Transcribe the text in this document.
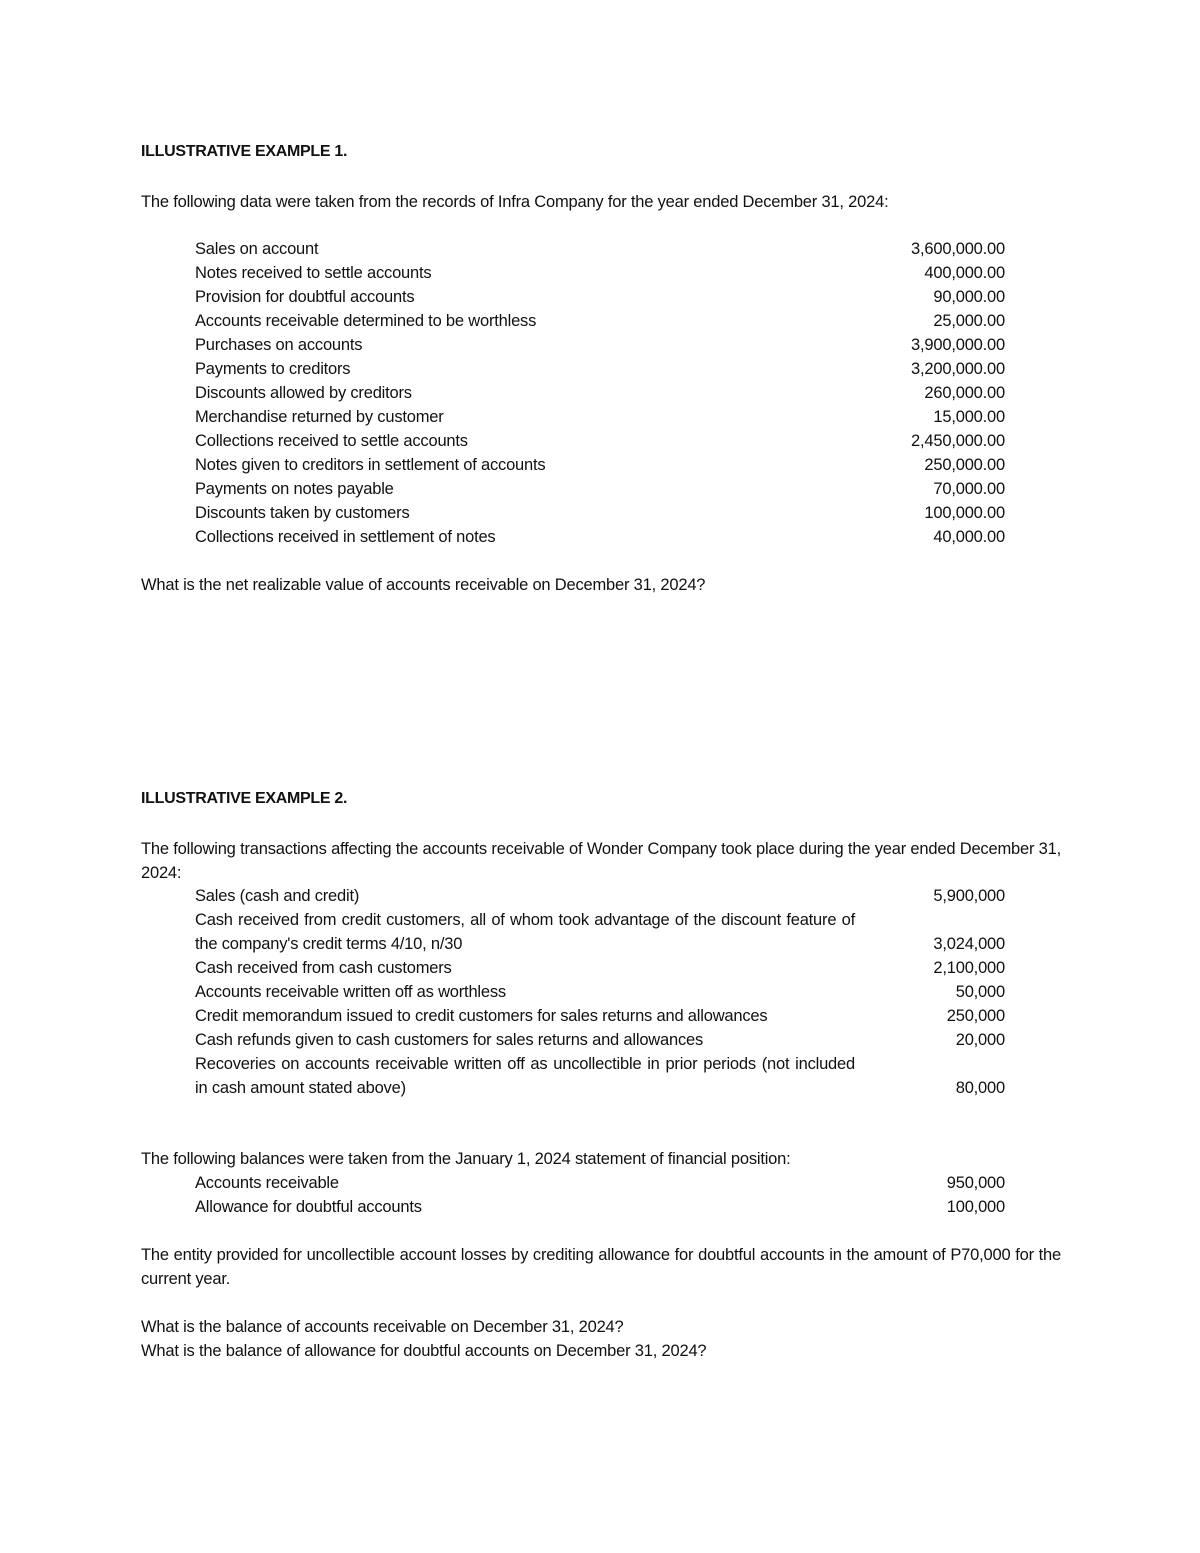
ILLUSTRATIVE EXAMPLE 1.
The following data were taken from the records of Infra Company for the year ended December 31, 2024:
Sales on account	3,600,000.00
Notes received to settle accounts	400,000.00
Provision for doubtful accounts	90,000.00
Accounts receivable determined to be worthless	25,000.00
Purchases on accounts	3,900,000.00
Payments to creditors	3,200,000.00
Discounts allowed by creditors	260,000.00
Merchandise returned by customer	15,000.00
Collections received to settle accounts	2,450,000.00
Notes given to creditors in settlement of accounts	250,000.00
Payments on notes payable	70,000.00
Discounts taken by customers	100,000.00
Collections received in settlement of notes	40,000.00
What is the net realizable value of accounts receivable on December 31, 2024?
ILLUSTRATIVE EXAMPLE 2.
The following transactions affecting the accounts receivable of Wonder Company took place during the year ended December 31, 2024:
Sales (cash and credit)	5,900,000
Cash received from credit customers, all of whom took advantage of the discount feature of the company's credit terms 4/10, n/30	3,024,000
Cash received from cash customers	2,100,000
Accounts receivable written off as worthless	50,000
Credit memorandum issued to credit customers for sales returns and allowances	250,000
Cash refunds given to cash customers for sales returns and allowances	20,000
Recoveries on accounts receivable written off as uncollectible in prior periods (not included in cash amount stated above)	80,000
The following balances were taken from the January 1, 2024 statement of financial position:
Accounts receivable	950,000
Allowance for doubtful accounts	100,000
The entity provided for uncollectible account losses by crediting allowance for doubtful accounts in the amount of P70,000 for the current year.
What is the balance of accounts receivable on December 31, 2024?
What is the balance of allowance for doubtful accounts on December 31, 2024?
